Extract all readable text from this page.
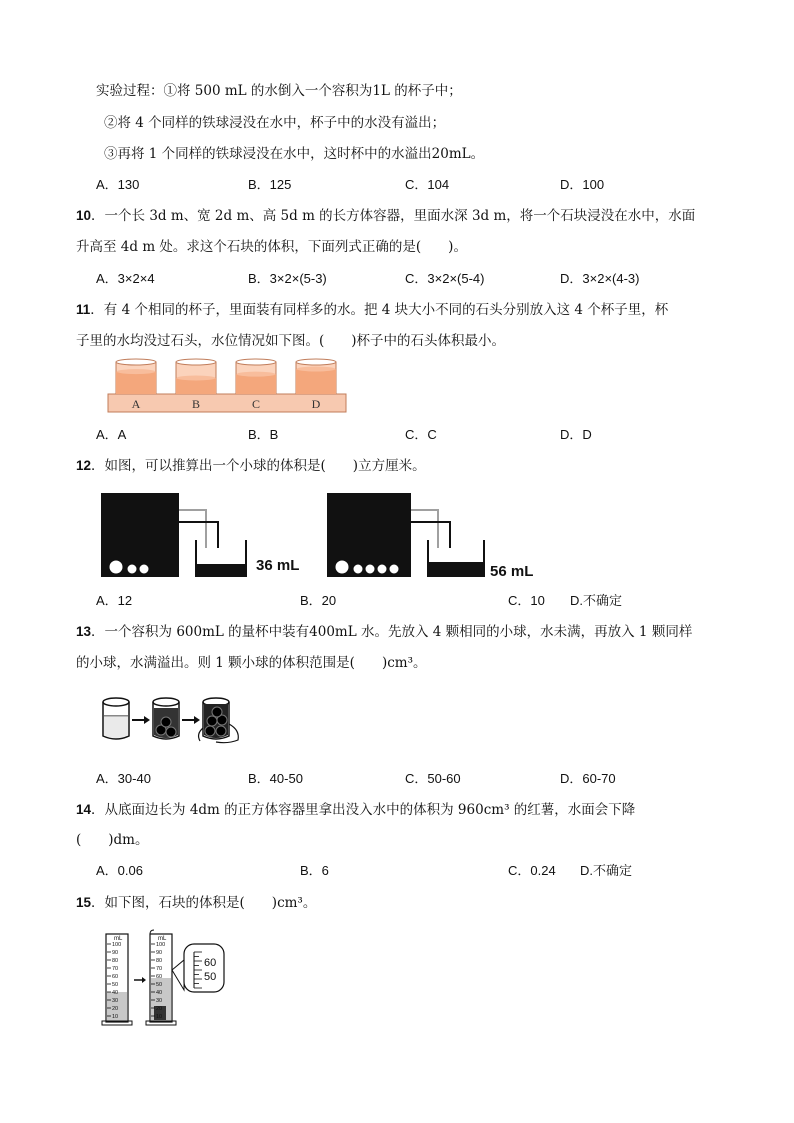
实验过程：①将 500 mL 的水倒入一个容积为1L 的杯子中；
②将 4 个同样的铁球浸没在水中，杯子中的水没有溢出；
③再将 1 个同样的铁球浸没在水中，这时杯中的水溢出20mL。
A．130	B．125	C．104	D．100
10．一个长 3d m、宽 2d m、高 5d m 的长方体容器，里面水深 3d m，将一个石块浸没在水中，水面
升高至 4d m 处。求这个石块的体积，下面列式正确的是(　　)。
A．3×2×4	B．3×2×(5-3)	C．3×2×(5-4)	D．3×2×(4-3)
11．有 4 个相同的杯子，里面装有同样多的水。把 4 块大小不同的石头分别放入这 4 个杯子里，杯
子里的水均没过石头，水位情况如下图。(　　)杯子中的石头体积最小。
A	B	C	D
A．A	B．B	C．C	D．D
12．如图，可以推算出一个小球的体积是(　　)立方厘米。
36 mL	56 mL
A．12	B．20	C．10 D.不确定
13．一个容积为 600mL 的量杯中装有400mL 水。先放入 4 颗相同的小球，水未满，再放入 1 颗同样
的小球，水满溢出。则 1 颗小球的体积范围是(　　)cm³。
A．30-40	B．40-50	C．50-60	D．60-70
14．从底面边长为 4dm 的正方体容器里拿出没入水中的体积为 960cm³ 的红薯，水面会下降
(　　)dm。
A．0.06	B．6	C．0.24 D.不确定
15．如下图，石块的体积是(　　)cm³。
mL
100
90
80
70
60
50
40
30
20
10
mL
100
90
80
70
60
50
40
30
20
10
60
50
